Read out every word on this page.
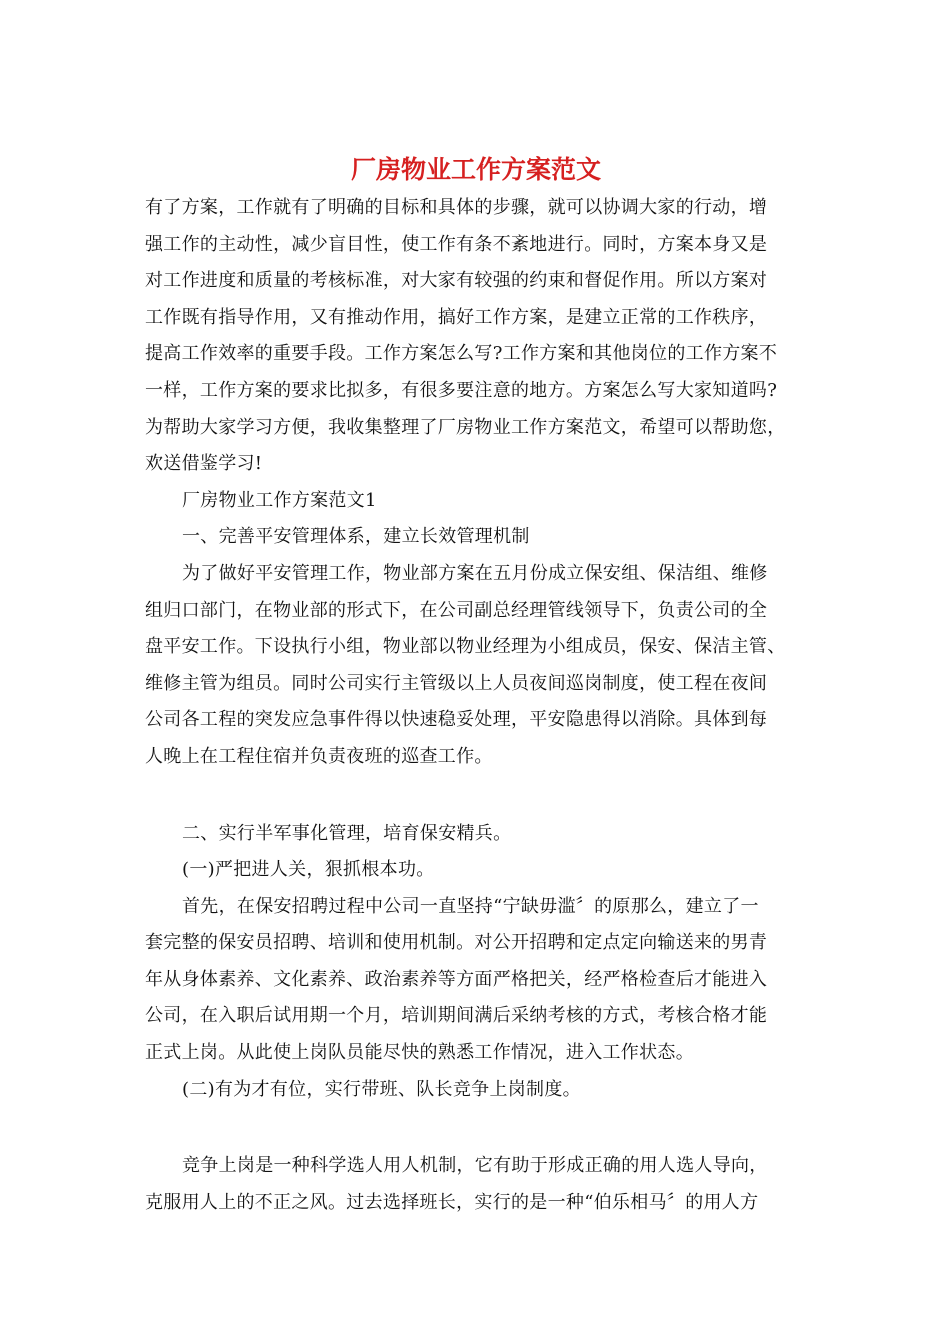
厂房物业工作方案范文
有了方案，工作就有了明确的目标和具体的步骤，就可以协调大家的行动，增
强工作的主动性，减少盲目性，使工作有条不紊地进行。同时，方案本身又是
对工作进度和质量的考核标准，对大家有较强的约束和督促作用。所以方案对
工作既有指导作用，又有推动作用，搞好工作方案，是建立正常的工作秩序，
提高工作效率的重要手段。工作方案怎么写?工作方案和其他岗位的工作方案不
一样，工作方案的要求比拟多，有很多要注意的地方。方案怎么写大家知道吗?
为帮助大家学习方便，我收集整理了厂房物业工作方案范文，希望可以帮助您，
欢送借鉴学习!
厂房物业工作方案范文1
一、完善平安管理体系，建立长效管理机制
为了做好平安管理工作，物业部方案在五月份成立保安组、保洁组、维修
组归口部门，在物业部的形式下，在公司副总经理管线领导下，负责公司的全
盘平安工作。下设执行小组，物业部以物业经理为小组成员，保安、保洁主管、
维修主管为组员。同时公司实行主管级以上人员夜间巡岗制度，使工程在夜间
公司各工程的突发应急事件得以快速稳妥处理，平安隐患得以消除。具体到每
人晚上在工程住宿并负责夜班的巡查工作。
二、实行半军事化管理，培育保安精兵。
(一)严把进人关，狠抓根本功。
首先，在保安招聘过程中公司一直坚持“宁缺毋滥〞的原那么，建立了一
套完整的保安员招聘、培训和使用机制。对公开招聘和定点定向输送来的男青
年从身体素养、文化素养、政治素养等方面严格把关，经严格检查后才能进入
公司，在入职后试用期一个月，培训期间满后采纳考核的方式，考核合格才能
正式上岗。从此使上岗队员能尽快的熟悉工作情况，进入工作状态。
(二)有为才有位，实行带班、队长竞争上岗制度。
竞争上岗是一种科学选人用人机制，它有助于形成正确的用人选人导向，
克服用人上的不正之风。过去选择班长，实行的是一种“伯乐相马〞的用人方
